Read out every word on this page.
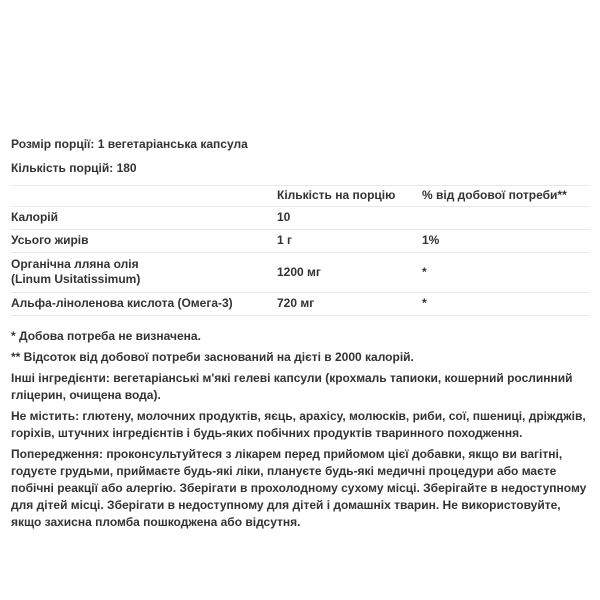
Розмір порції: 1 вегетаріанська капсула

Кількість порцій: 180

	Кількість на порцію	% від добової потреби**
Калорій	10	
Усього жирів	1 г	1%

Органічна лляна олія
(Linum Usitatissimum)	1200 мг	*
Альфа-ліноленова кислота (Омега-3)	720 мг	*

* Добова потреба не визначена.

** Відсоток від добової потреби заснований на дієті в 2000 калорій.

Інші інгредієнти: вегетаріанські м'які гелеві капсули (крохмаль тапиоки, кошерний рослинний гліцерин, очищена вода).

Не містить: глютену, молочних продуктів, яєць, арахісу, молюсків, риби, сої, пшениці, дріжджів, горіхів, штучних інгредієнтів і будь-яких побічних продуктів тваринного походження.

Попередження: проконсультуйтеся з лікарем перед прийомом цієї добавки, якщо ви вагітні, годуєте грудьми, приймаєте будь-які ліки, плануєте будь-які медичні процедури або маєте побічні реакції або алергію. Зберігати в прохолодному сухому місці. Зберігайте в недоступному для дітей місці. Зберігати в недоступному для дітей і домашніх тварин. Не використовуйте, якщо захисна пломба пошкоджена або відсутня.
